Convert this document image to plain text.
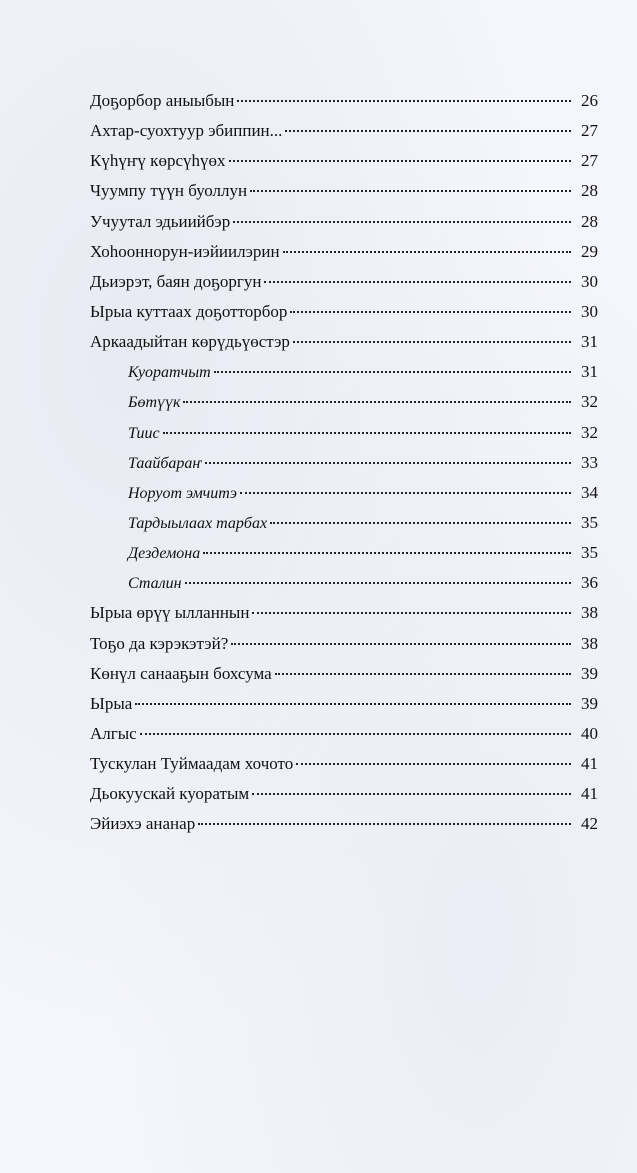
Доҕорбор аныыбын	26
Ахтар-суохтуур эбиппин...	27
Күһүҥү көрсүһүөх	27
Чуумпу түүн буоллун	28
Учуутал эдьиийбэр	28
Хоһооннорун-иэйиилэрин	29
Дьиэрэт, баян доҕоргун	30
Ырыа куттаах доҕотторбор	30
Аркаадыйтан көрүдьүөстэр	31
Куоратчыт	31
Бөтүүк	32
Тиис	32
Таайбараҥ	33
Норуот эмчитэ	34
Тардыылаах тарбах	35
Дездемона	35
Сталин	36
Ырыа өрүү ылланнын	38
Тоҕо да кэрэкэтэй?	38
Көнүл санааҕын бохсума	39
Ырыа	39
Алгыс	40
Тускулан Туймаадам хочото	41
Дьокуускай куоратым	41
Эйиэхэ ананар	42
